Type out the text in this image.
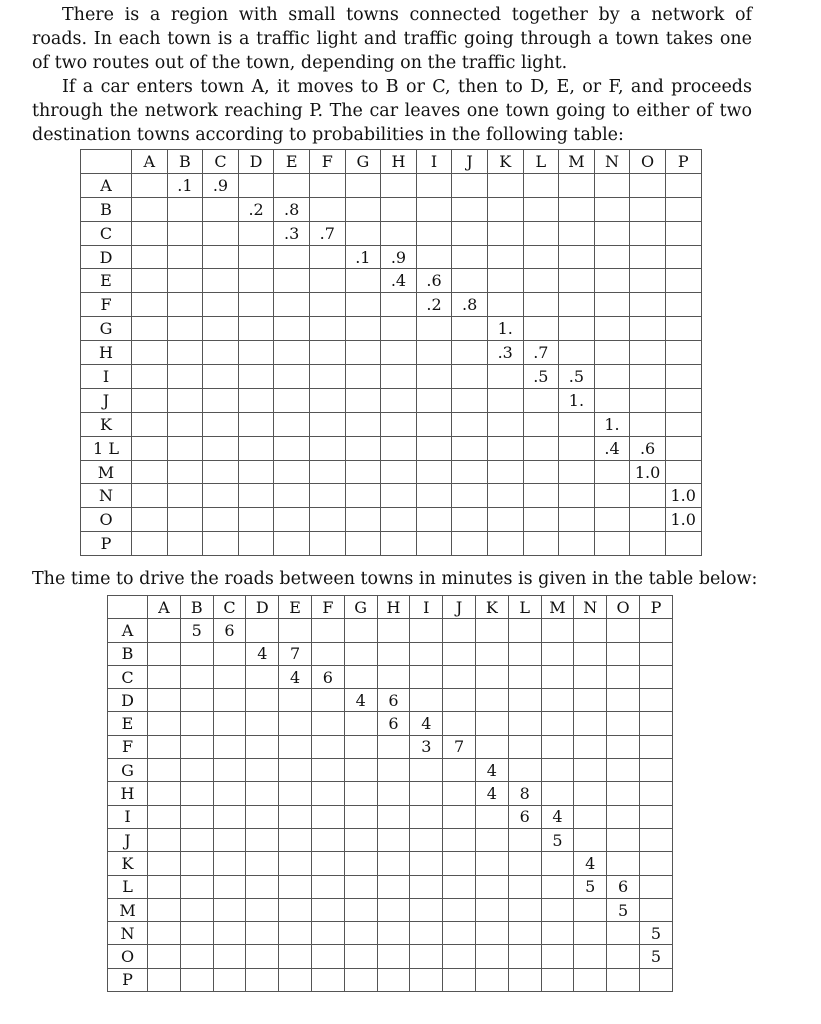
There is a region with small towns connected together by a network of roads. In each town is a traffic light and traffic going through a town takes one of two routes out of the town, depending on the traffic light.

If a car enters town A, it moves to B or C, then to D, E, or F, and proceeds through the network reaching P. The car leaves one town going to either of two destination towns according to probabilities in the following table:

	A	B	C	D	E	F	G	H	I	J	K	L	M	N	O	P
A		.1	.9													
B				.2	.8											
C					.3	.7										
D							.1	.9								
E								.4	.6							
F									.2	.8						
G											1.					
H											.3	.7				
I												.5	.5			
J													1.			
K														1.		
1 L														.4	.6	
M															1.0	
N																1.0
O																1.0
P																

The time to drive the roads between towns in minutes is given in the table below:

	A	B	C	D	E	F	G	H	I	J	K	L	M	N	O	P
A		5	6													
B				4	7											
C					4	6										
D							4	6								
E								6	4							
F									3	7						
G											4					
H											4	8				
I												6	4			
J													5			
K														4		
L														5	6	
M															5	
N																5
O																5
P																
